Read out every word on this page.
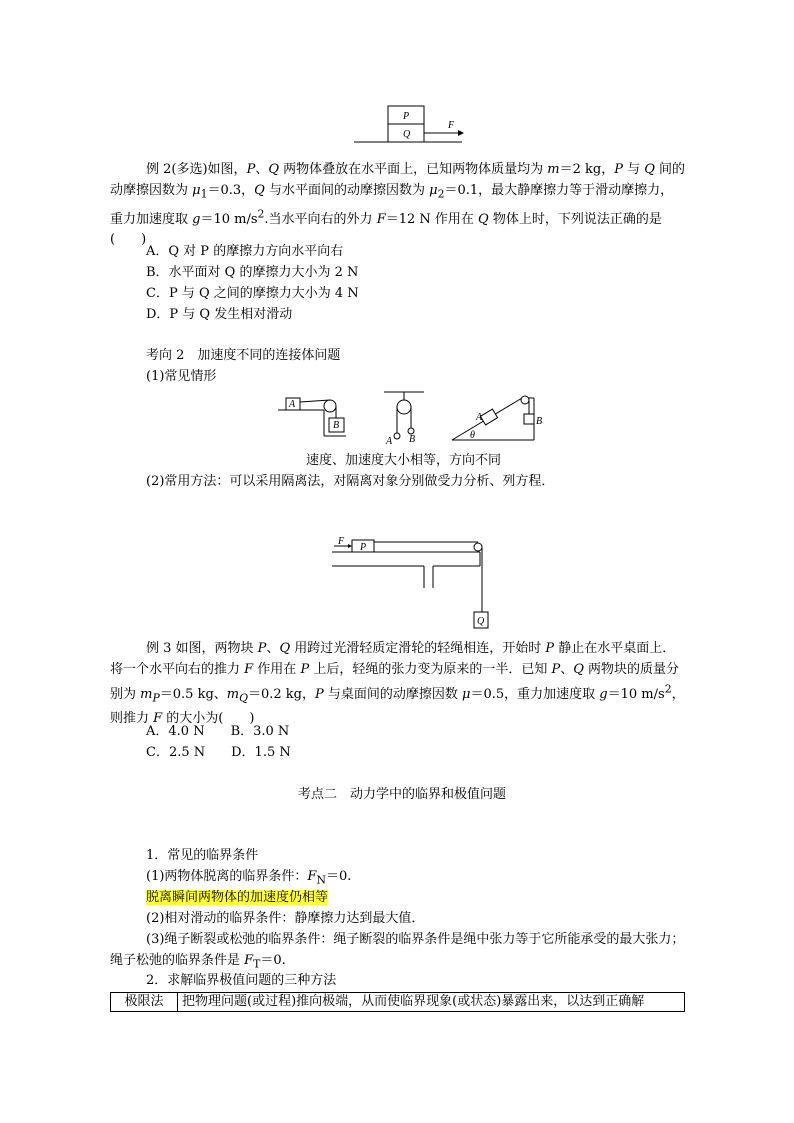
P
Q
F
例 2(多选)如图，P、Q 两物体叠放在水平面上，已知两物体质量均为 m＝2 kg，P 与 Q 间的动摩擦因数为 $\mu_1=0.3$，Q 与水平面间的动摩擦因数为 $\mu_2=0.1$，最大静摩擦力等于滑动摩擦力，重力加速度取 g＝10 $m/s^2$.当水平向右的外力 F＝12 N 作用在 Q 物体上时，下列说法正确的是(　　)
A．Q 对 P 的摩擦力方向水平向右
B．水平面对 Q 的摩擦力大小为 2 N
C．P 与 Q 之间的摩擦力大小为 4 N
D．P 与 Q 发生相对滑动
考向 2　加速度不同的连接体问题
(1)常见情形
A
B
A B
A	B
θ
速度、加速度大小相等，方向不同
(2)常用方法：可以采用隔离法，对隔离对象分别做受力分析、列方程．
P
F
Q
例 3 如图，两物块 P、Q 用跨过光滑轻质定滑轮的轻绳相连，开始时 P 静止在水平桌面上．将一个水平向右的推力 F 作用在 P 上后，轻绳的张力变为原来的一半．已知 P、Q 两物块的质量分别为 $m_P=0.5$ kg、$m_Q=0.2$ kg，P 与桌面间的动摩擦因数 μ＝0.5，重力加速度取 g＝10 $m/s^2$，则推力 F 的大小为(　　)
A．4.0 N　　B．3.0 N
C．2.5 N　　D．1.5 N
考点二　动力学中的临界和极值问题
1．常见的临界条件
(1)两物体脱离的临界条件：$F_N=0$.
脱离瞬间两物体的加速度仍相等
(2)相对滑动的临界条件：静摩擦力达到最大值．
(3)绳子断裂或松弛的临界条件：绳子断裂的临界条件是绳中张力等于它所能承受的最大张力；绳子松弛的临界条件是 $F_T=0$.
2．求解临界极值问题的三种方法
极限法	把物理问题(或过程)推向极端，从而使临界现象(或状态)暴露出来，以达到正确解
